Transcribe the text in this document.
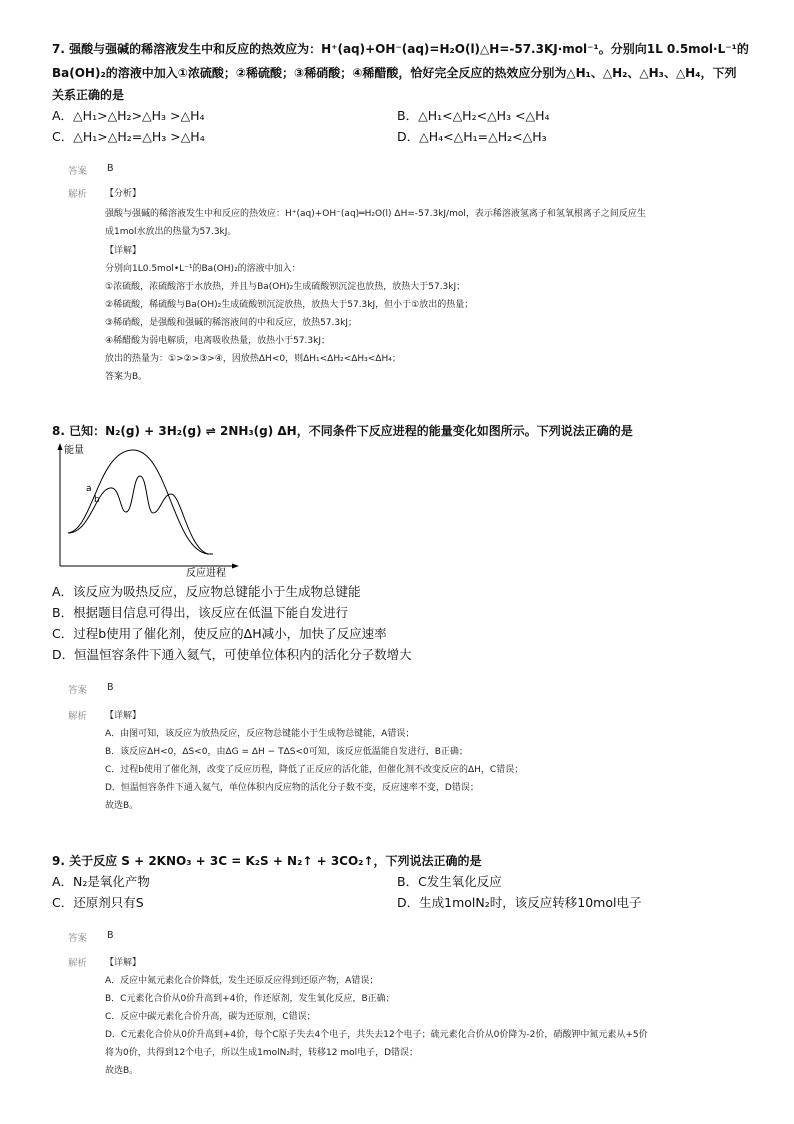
7. 强酸与强碱的稀溶液发生中和反应的热效应为：H⁺(aq)+OH⁻(aq)=H₂O(l)△H=-57.3KJ·mol⁻¹。分别向1L 0.5mol·L⁻¹的
Ba(OH)₂的溶液中加入①浓硫酸；②稀硫酸；③稀硝酸；④稀醋酸，恰好完全反应的热效应分别为△H₁、△H₂、△H₃、△H₄，下列
关系正确的是
A．△H₁>△H₂>△H₃ >△H₄	B．△H₁<△H₂<△H₃ <△H₄
C．△H₁>△H₂=△H₃ >△H₄	D．△H₄<△H₁=△H₂<△H₃
答案 B
解析 【分析】
强酸与强碱的稀溶液发生中和反应的热效应：H⁺(aq)+OH⁻(aq)═H₂O(l) ΔH=-57.3kJ/mol，表示稀溶液氢离子和氢氧根离子之间反应生
成1mol水放出的热量为57.3kJ。
【详解】
分别向1L0.5mol•L⁻¹的Ba(OH)₂的溶液中加入：
①浓硫酸，浓硫酸溶于水放热，并且与Ba(OH)₂生成硫酸钡沉淀也放热，放热大于57.3kJ；
②稀硫酸，稀硫酸与Ba(OH)₂生成硫酸钡沉淀放热，放热大于57.3kJ，但小于①放出的热量；
③稀硝酸，是强酸和强碱的稀溶液间的中和反应，放热57.3kJ；
④稀醋酸为弱电解质，电离吸收热量，放热小于57.3kJ；
放出的热量为：①>②>③>④，因放热ΔH<0，则ΔH₁<ΔH₂<ΔH₃<ΔH₄；
答案为B。
8. 已知：N₂(g) + 3H₂(g) ⇌ 2NH₃(g) ΔH，不同条件下反应进程的能量变化如图所示。下列说法正确的是
能量
反应进程
a
b
A．该反应为吸热反应，反应物总键能小于生成物总键能
B．根据题目信息可得出，该反应在低温下能自发进行
C．过程b使用了催化剂，使反应的ΔH减小，加快了反应速率
D．恒温恒容条件下通入氦气，可使单位体积内的活化分子数增大
答案 B
解析 【详解】
A．由图可知，该反应为放热反应，反应物总键能小于生成物总键能，A错误；
B．该反应ΔH<0，ΔS<0，由ΔG = ΔH − TΔS<0可知，该反应低温能自发进行，B正确；
C．过程b使用了催化剂，改变了反应历程，降低了正反应的活化能，但催化剂不改变反应的ΔH，C错误；
D．恒温恒容条件下通入氦气，单位体积内反应物的活化分子数不变，反应速率不变，D错误；
故选B。
9. 关于反应 S + 2KNO₃ + 3C = K₂S + N₂↑ + 3CO₂↑，下列说法正确的是
A．N₂是氧化产物	B．C发生氧化反应
C．还原剂只有S	D．生成1molN₂时，该反应转移10mol电子
答案 B
解析 【详解】
A．反应中氮元素化合价降低，发生还原反应得到还原产物，A错误；
B．C元素化合价从0价升高到+4价，作还原剂，发生氧化反应，B正确；
C．反应中碳元素化合价升高，碳为还原剂，C错误；
D．C元素化合价从0价升高到+4价，每个C原子失去4个电子，共失去12个电子；硫元素化合价从0价降为-2价，硝酸钾中氮元素从+5价
将为0价，共得到12个电子，所以生成1molN₂时，转移12 mol电子，D错误；
故选B。
